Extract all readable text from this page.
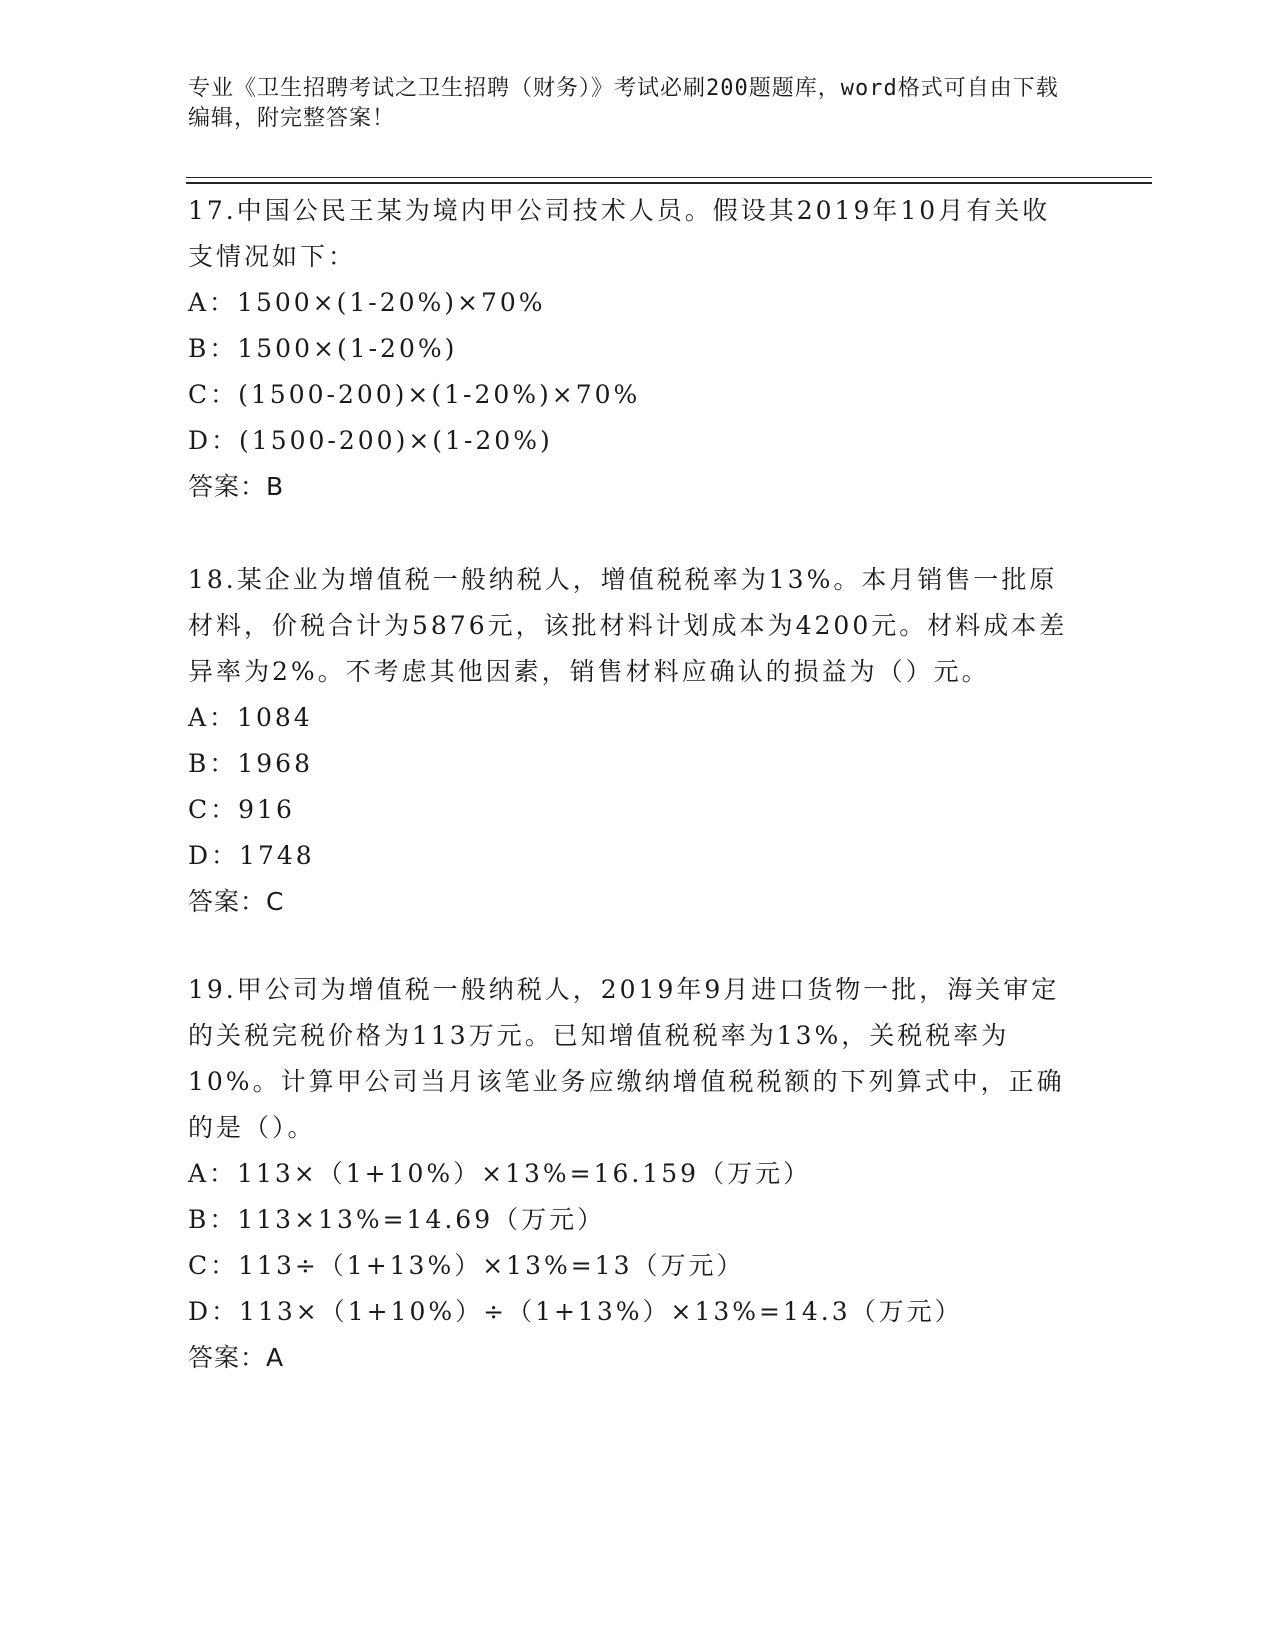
专业《卫生招聘考试之卫生招聘（财务）》考试必刷200题题库，word格式可自由下载编辑，附完整答案！

17.中国公民王某为境内甲公司技术人员。假设其2019年10月有关收支情况如下：

A：1500×(1-20%)×70%

B：1500×(1-20%)

C：(1500-200)×(1-20%)×70%

D：(1500-200)×(1-20%)

答案：B

18.某企业为增值税一般纳税人，增值税税率为13%。本月销售一批原材料，价税合计为5876元，该批材料计划成本为4200元。材料成本差异率为2%。不考虑其他因素，销售材料应确认的损益为（）元。

A：1084

B：1968

C：916

D：1748

答案：C

19.甲公司为增值税一般纳税人，2019年9月进口货物一批，海关审定的关税完税价格为113万元。已知增值税税率为13%，关税税率为10%。计算甲公司当月该笔业务应缴纳增值税税额的下列算式中，正确的是（）。

A：113×（1+10%）×13%=16.159（万元）

B：113×13%=14.69（万元）

C：113÷（1+13%）×13%=13（万元）

D：113×（1+10%）÷（1+13%）×13%=14.3（万元）

答案：A
